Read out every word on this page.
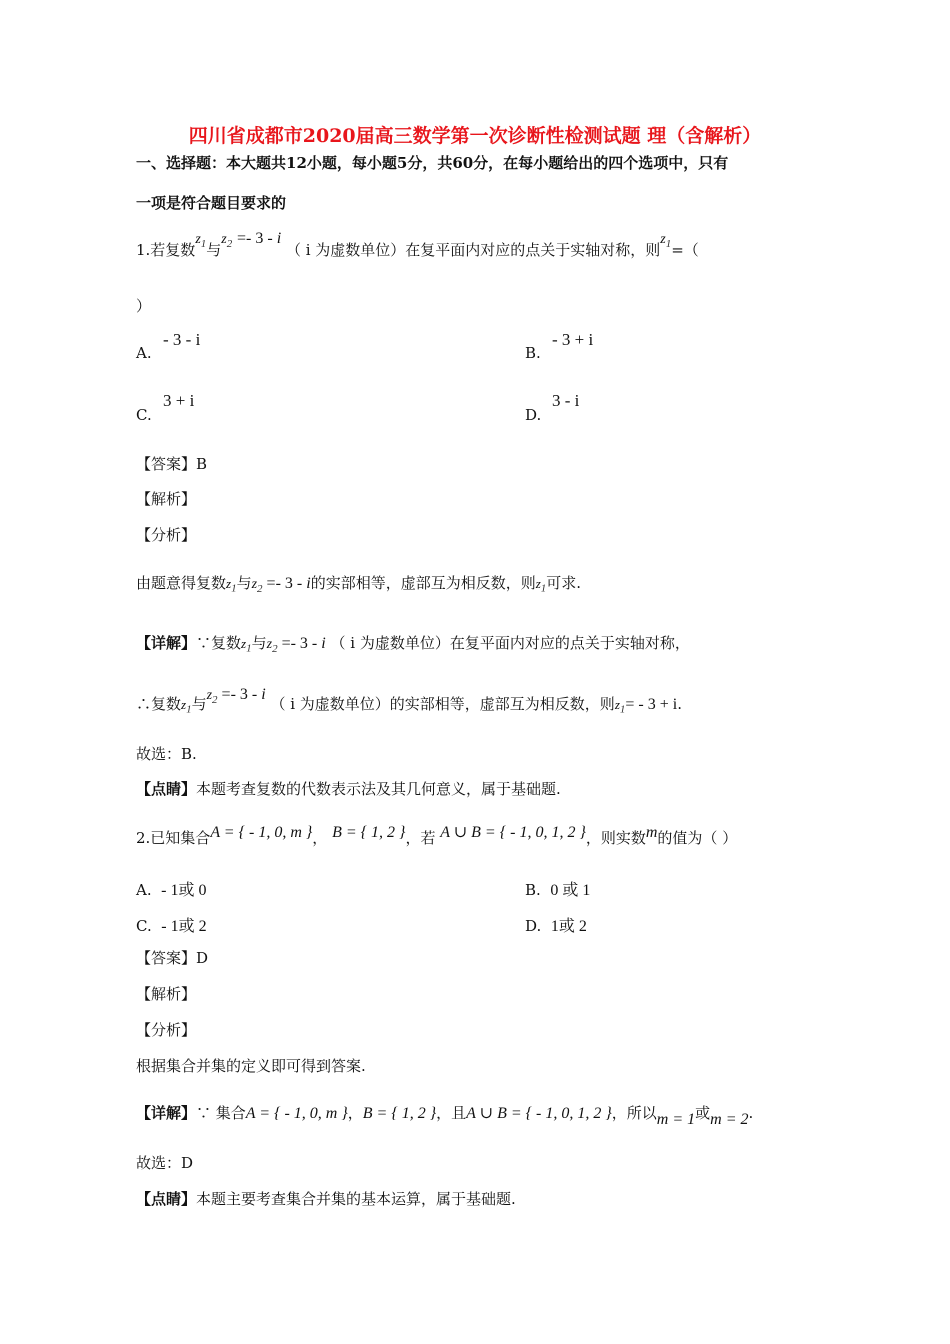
四川省成都市2020届高三数学第一次诊断性检测试题 理（含解析）
一、选择题：本大题共12小题，每小题5分，共60分，在每小题给出的四个选项中，只有
一项是符合题目要求的
1.若复数$z_1$与$z_2 =- 3 - i$ （ i 为虚数单位）在复平面内对应的点关于实轴对称，则$z_1=$（
）
A.
- 3 - i
B.
- 3 + i
C.
3 + i
D.
3 - i
【答案】B
【解析】
【分析】
由题意得复数$z_1$与$z_2 =- 3 - i$的实部相等，虚部互为相反数，则$z_1$可求.
【详解】∵复数$z_1$与$z_2 =- 3 - i$ （ i 为虚数单位）在复平面内对应的点关于实轴对称，
∴复数$z_1$与$z_2 =- 3 - i$ （ i 为虚数单位）的实部相等，虚部互为相反数，则$z_1= - 3 + i$.
故选：B.
【点睛】本题考查复数的代数表示法及其几何意义，属于基础题.
2.已知集合A = { - 1, 0, m }， B = { 1, 2 }，若 A ∪ B = { - 1, 0, 1, 2 }，则实数m的值为（ ）
A. - 1或 0	B. 0 或 1
C. - 1或 2	D. 1或 2
【答案】D
【解析】
【分析】
根据集合并集的定义即可得到答案.
【详解】∵ 集合A = { - 1, 0, m }，B = { 1, 2 }，且A ∪ B = { - 1, 0, 1, 2 }，所以m = 1或m = 2.
故选：D
【点睛】本题主要考查集合并集的基本运算，属于基础题.
